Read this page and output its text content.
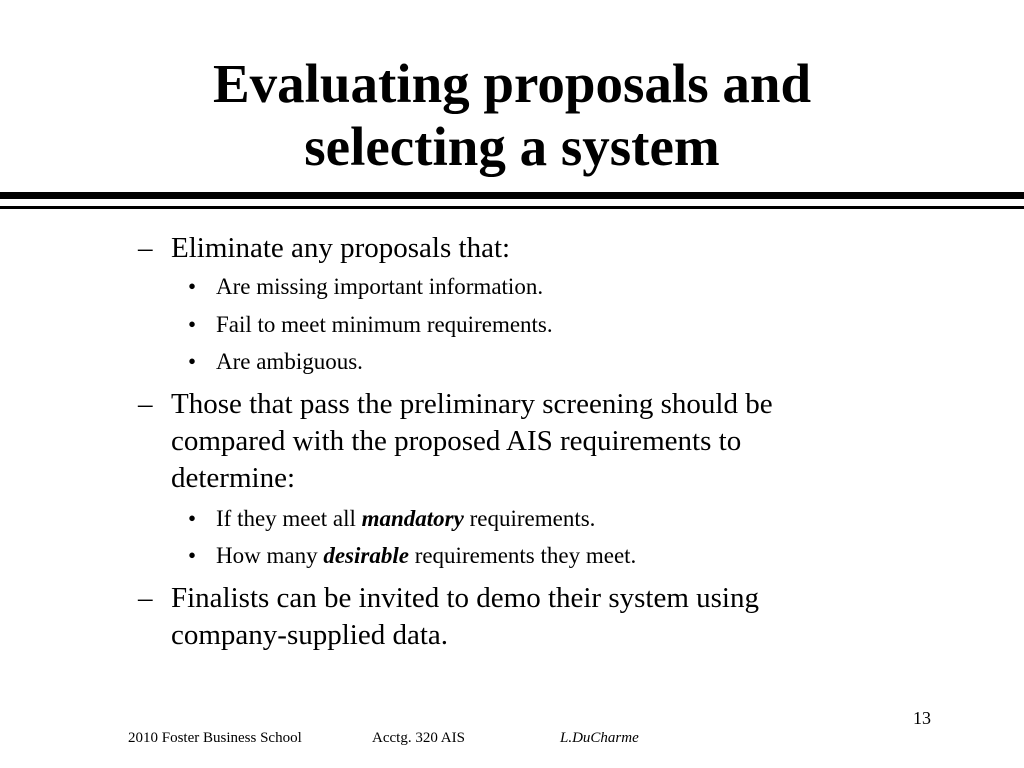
Evaluating proposals and
selecting a system
– Eliminate any proposals that:
• Are missing important information.
• Fail to meet minimum requirements.
• Are ambiguous.
– Those that pass the preliminary screening should be
compared with the proposed AIS requirements to
determine:
• If they meet all mandatory requirements.
• How many desirable requirements they meet.
– Finalists can be invited to demo their system using
company-supplied data.
13
2010 Foster Business School	Acctg. 320 AIS	L.DuCharme
